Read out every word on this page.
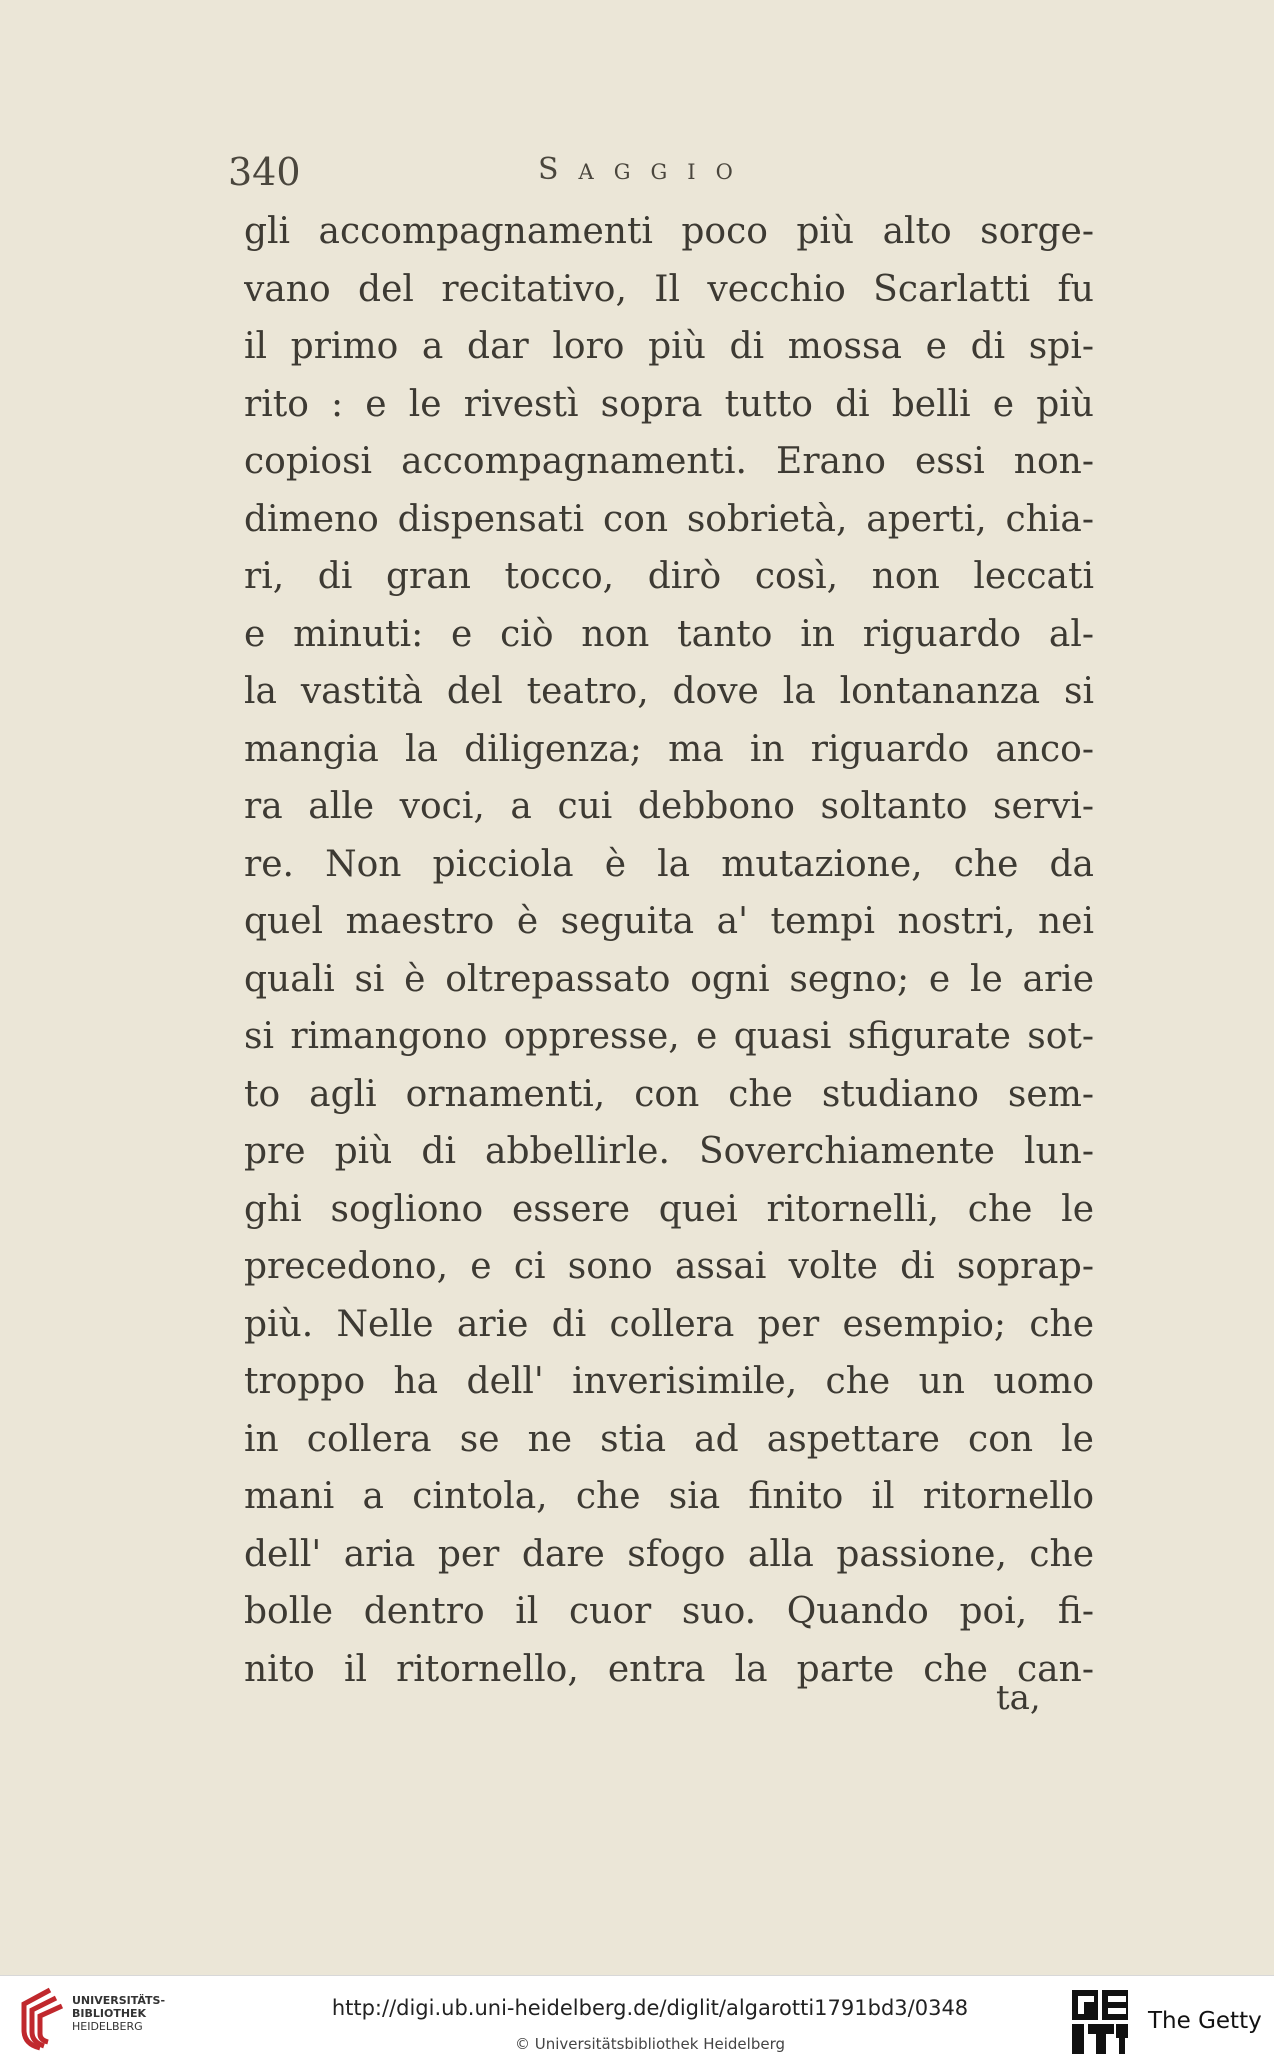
340	Saggio
gli accompagnamenti poco più alto sorge-
vano del recitativo, Il vecchio Scarlatti fu
il primo a dar loro più di mossa e di spi-
rito : e le rivestì sopra tutto di belli e più
copiosi accompagnamenti. Erano essi non-
dimeno dispensati con sobrietà, aperti, chia-
ri, di gran tocco, dirò così, non leccati
e minuti: e ciò non tanto in riguardo al-
la vastità del teatro, dove la lontananza si
mangia la diligenza; ma in riguardo anco-
ra alle voci, a cui debbono soltanto servi-
re. Non picciola è la mutazione, che da
quel maestro è seguita a' tempi nostri, nei
quali si è oltrepassato ogni segno; e le arie
si rimangono oppresse, e quasi sfigurate sot-
to agli ornamenti, con che studiano sem-
pre più di abbellirle. Soverchiamente lun-
ghi sogliono essere quei ritornelli, che le
precedono, e ci sono assai volte di soprap-
più. Nelle arie di collera per esempio; che
troppo ha dell' inverisimile, che un uomo
in collera se ne stia ad aspettare con le
mani a cintola, che sia finito il ritornello
dell' aria per dare sfogo alla passione, che
bolle dentro il cuor suo. Quando poi, fi-
nito il ritornello, entra la parte che can-
ta,
UNIVERSITÄTS-
BIBLIOTHEK
HEIDELBERG
http://digi.ub.uni-heidelberg.de/diglit/algarotti1791bd3/0348
© Universitätsbibliothek Heidelberg
The Getty
